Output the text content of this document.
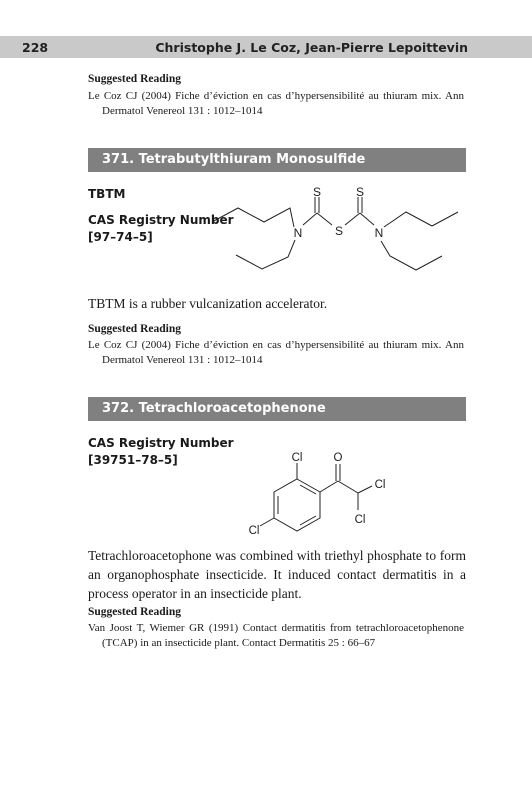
228	Christophe J. Le Coz, Jean-Pierre Lepoittevin
Suggested Reading
Le Coz CJ (2004) Fiche d’éviction en cas d’hypersensibilité au thiuram mix. Ann Dermatol Venereol 131 : 1012–1014
371. Tetrabutylthiuram Monosulfide
TBTM
CAS Registry Number
[97–74–5]
S	S
S
N	N
TBTM is a rubber vulcanization accelerator.
Suggested Reading
Le Coz CJ (2004) Fiche d’éviction en cas d’hypersensibilité au thiuram mix. Ann Dermatol Venereol 131 : 1012–1014
372. Tetrachloroacetophenone
CAS Registry Number
[39751–78–5]	Cl	O
Cl
Cl
Cl
Tetrachloroacetophone was combined with triethyl phosphate to form an organophosphate insecticide. It induced contact dermatitis in a process operator in an insecticide plant.
Suggested Reading
Van Joost T, Wiemer GR (1991) Contact dermatitis from tetrachloroacetophenone (TCAP) in an insecticide plant. Contact Dermatitis 25 : 66–67
